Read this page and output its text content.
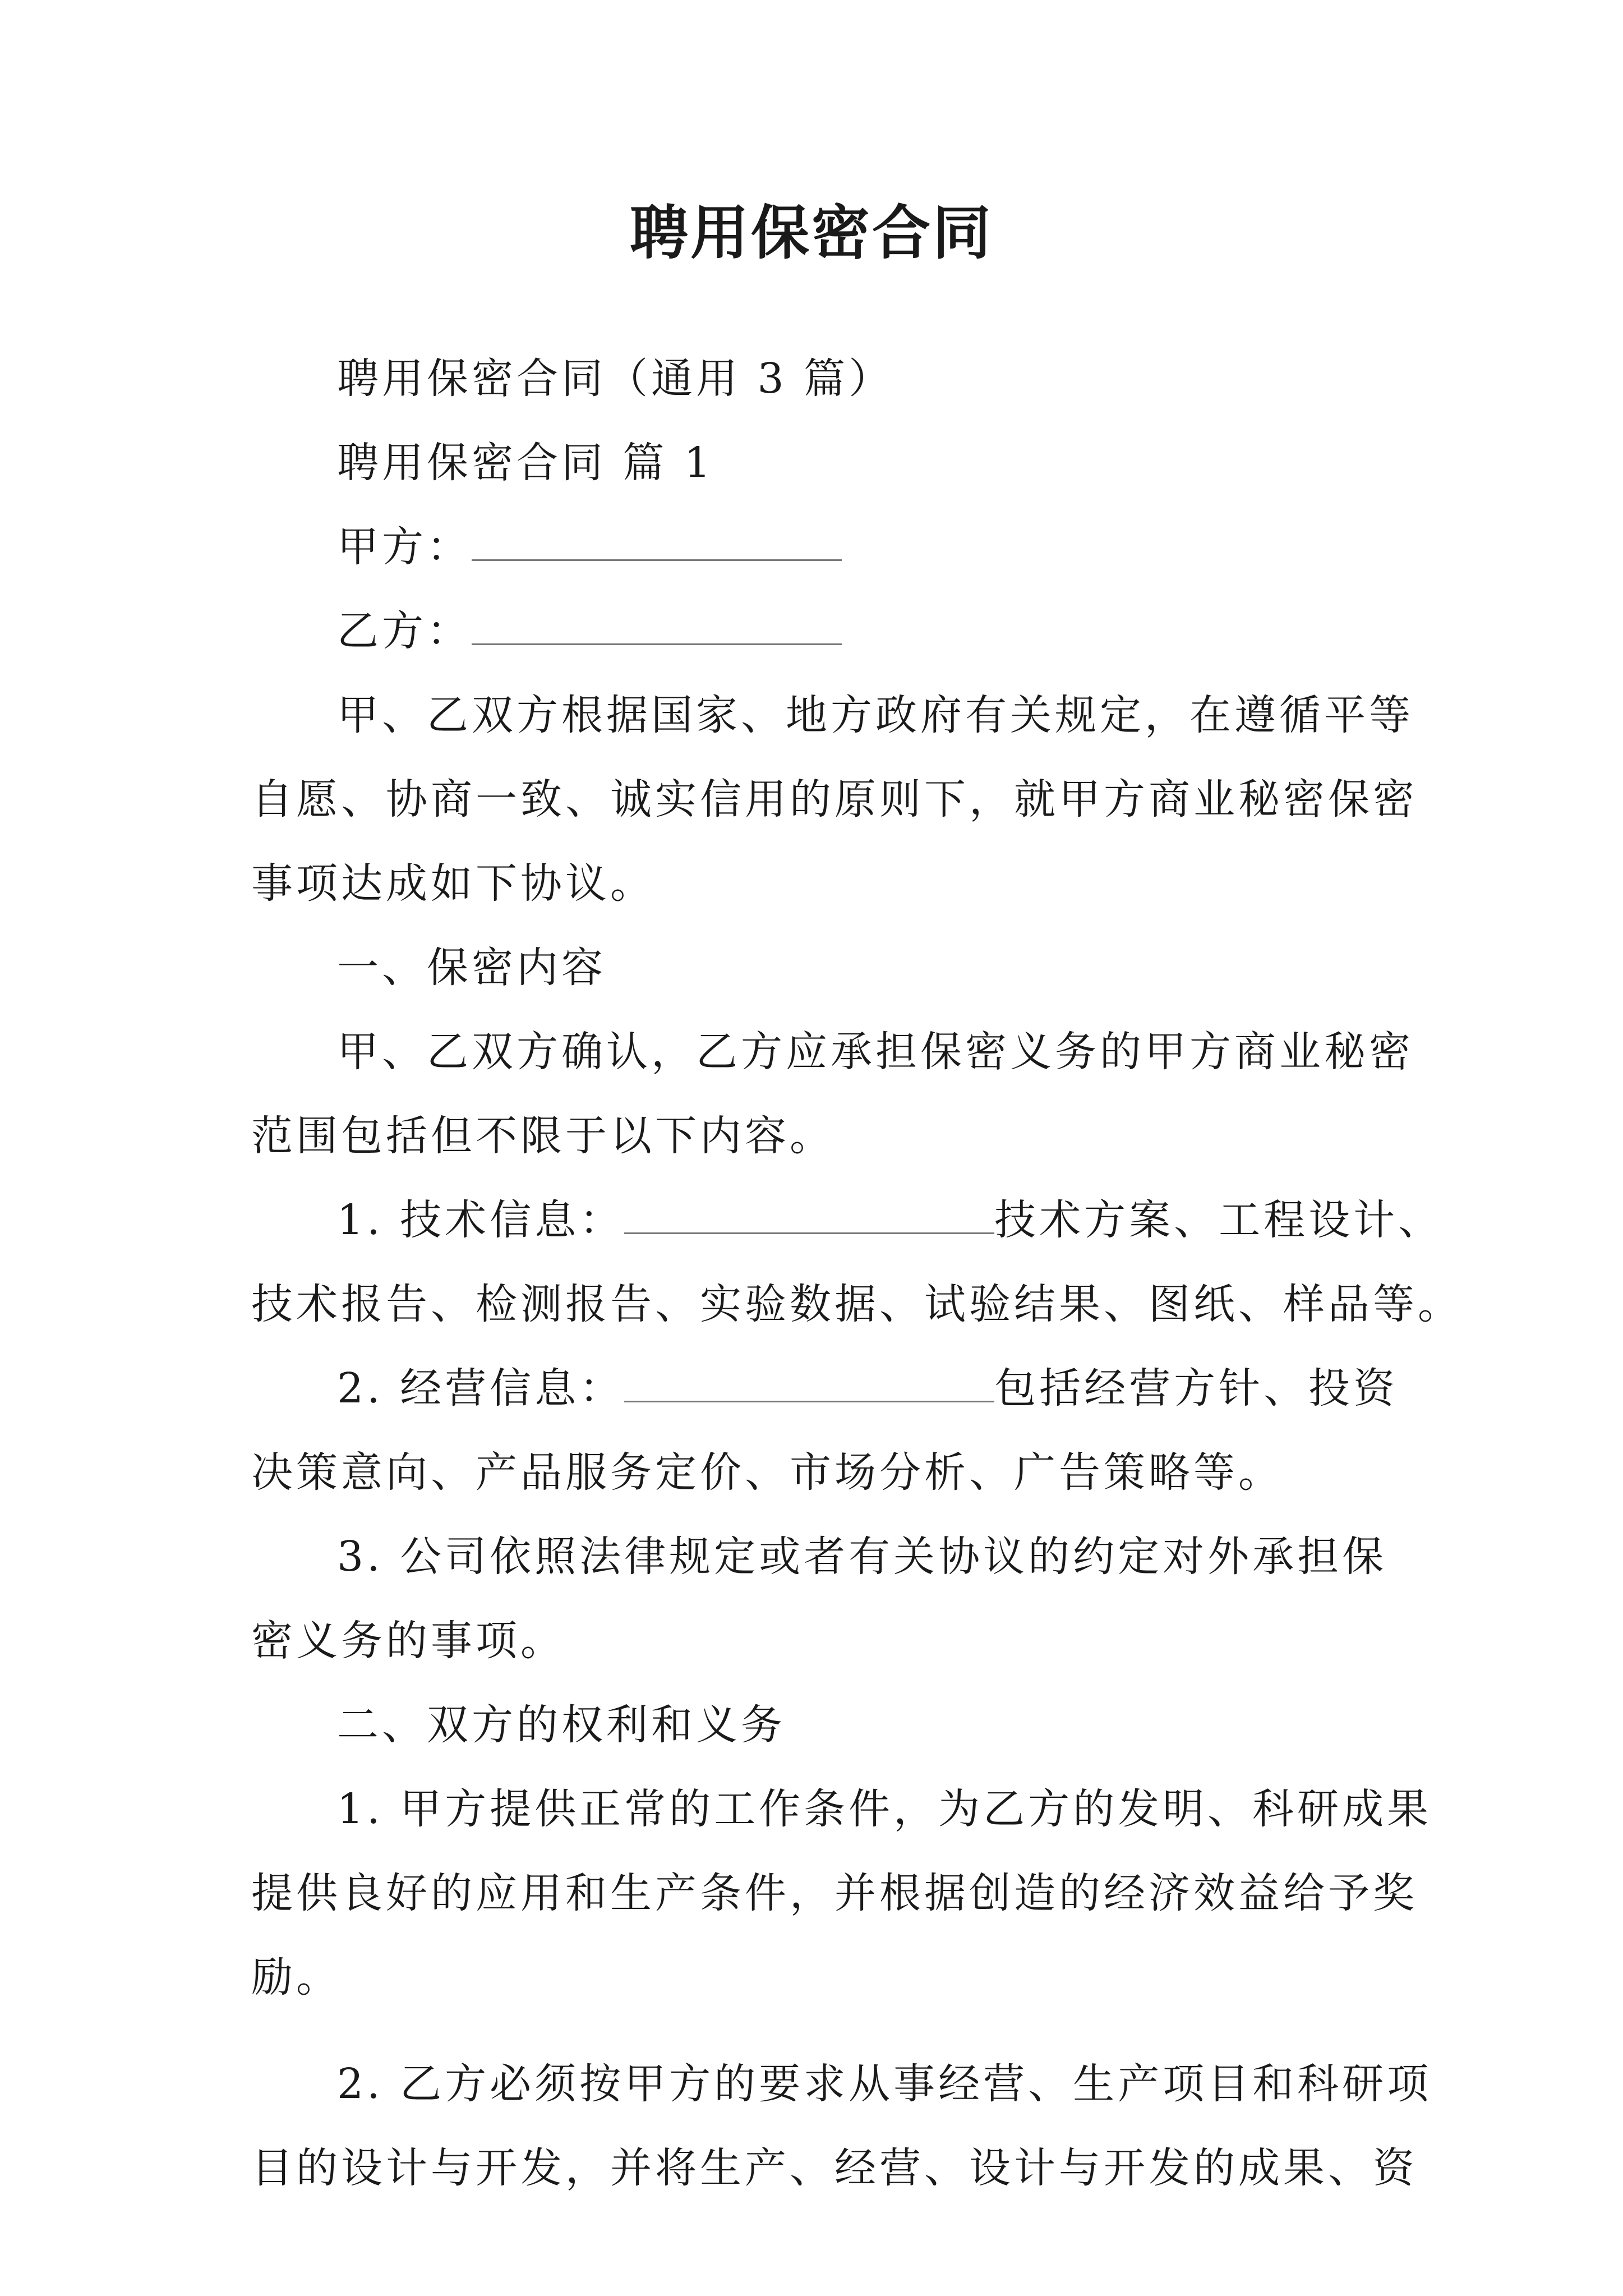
聘用保密合同
聘用保密合同（通用 3 篇）
聘用保密合同 篇 1
甲方：
乙方：
甲、乙双方根据国家、地方政府有关规定，在遵循平等
自愿、协商一致、诚实信用的原则下，就甲方商业秘密保密
事项达成如下协议。
一、保密内容
甲、乙双方确认，乙方应承担保密义务的甲方商业秘密
范围包括但不限于以下内容。
1. 技术信息：	技术方案、工程设计、
技术报告、检测报告、实验数据、试验结果、图纸、样品等。
2. 经营信息：	包括经营方针、投资
决策意向、产品服务定价、市场分析、广告策略等。
3. 公司依照法律规定或者有关协议的约定对外承担保
密义务的事项。
二、双方的权利和义务
1. 甲方提供正常的工作条件，为乙方的发明、科研成果
提供良好的应用和生产条件，并根据创造的经济效益给予奖
励。
2. 乙方必须按甲方的要求从事经营、生产项目和科研项
目的设计与开发，并将生产、经营、设计与开发的成果、资
